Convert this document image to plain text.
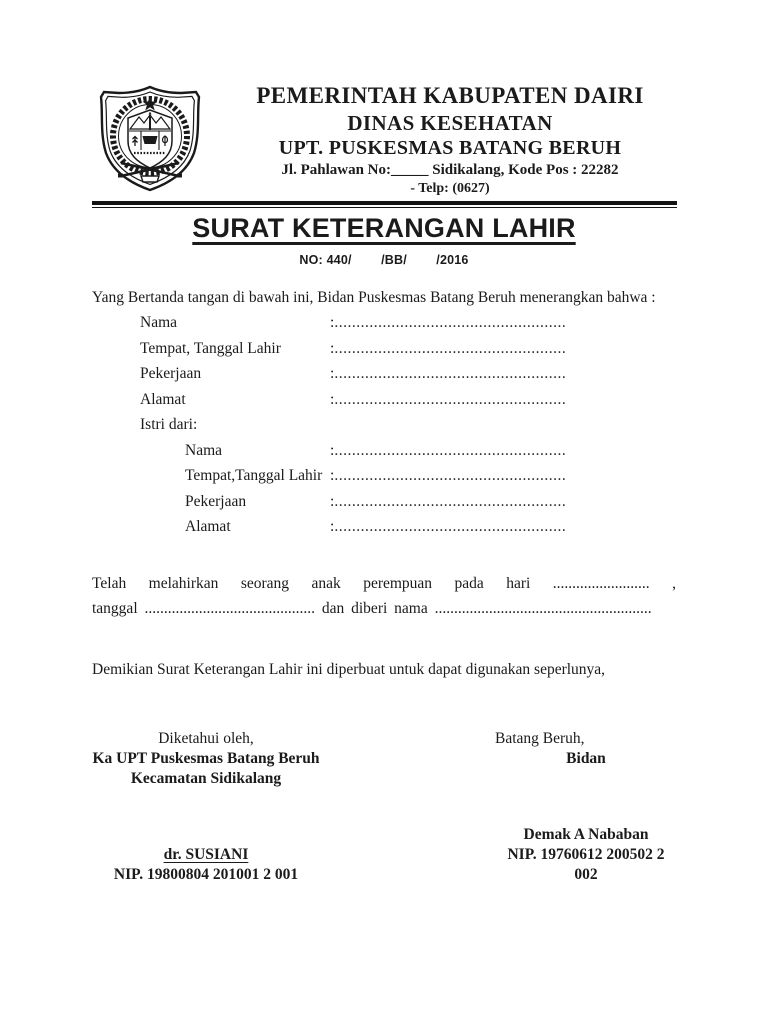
PEMERINTAH KABUPATEN DAIRI
DINAS KESEHATAN
UPT. PUSKESMAS BATANG BERUH
Jl. Pahlawan No:_____ Sidikalang, Kode Pos : 22282
- Telp: (0627)
SURAT KETERANGAN LAHIR
NO: 440/        /BB/        /2016
Yang Bertanda tangan di bawah ini, Bidan Puskesmas Batang Beruh menerangkan bahwa :
Nama	: .....................................................
Tempat, Tanggal Lahir	: .....................................................
Pekerjaan	: .....................................................
Alamat	: .....................................................
Istri dari:
Nama	: .....................................................
Tempat,Tanggal Lahir : .....................................................
Pekerjaan	: .....................................................
Alamat	: .....................................................
Telah melahirkan seorang anak perempuan pada hari ......................... ,
tanggal ............................................ dan diberi nama ........................................................
Demikian Surat Keterangan Lahir ini diperbuat untuk dapat digunakan seperlunya,
Diketahui oleh,
Ka UPT Puskesmas Batang Beruh
Kecamatan Sidikalang
dr. SUSIANI
NIP. 19800804 201001 2 001
Batang Beruh,
Bidan
Demak A Nababan
NIP. 19760612 200502 2 002
